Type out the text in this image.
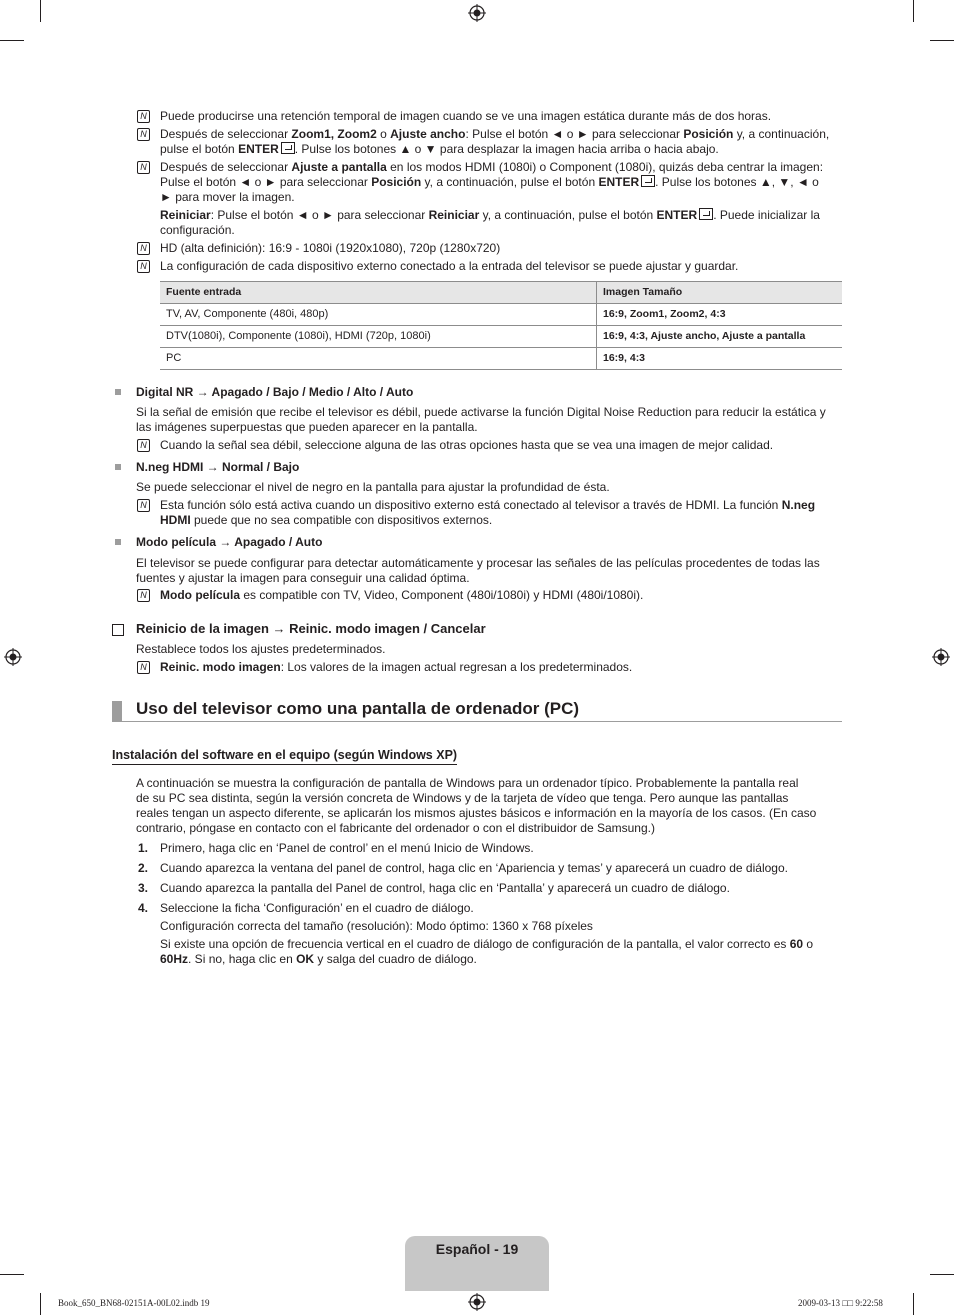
N
Puede producirse una retención temporal de imagen cuando se ve una imagen estática durante más de dos horas.
N
Después de seleccionar Zoom1, Zoom2 o Ajuste ancho: Pulse el botón ◄ o ► para seleccionar Posición y, a continuación,
pulse el botón ENTER . Pulse los botones ▲ o ▼ para desplazar la imagen hacia arriba o hacia abajo.
N
Después de seleccionar Ajuste a pantalla en los modos HDMI (1080i) o Component (1080i), quizás deba centrar la imagen:
Pulse el botón ◄ o ► para seleccionar Posición y, a continuación, pulse el botón ENTER . Pulse los botones ▲, ▼, ◄ o
► para mover la imagen.
Reiniciar: Pulse el botón ◄ o ► para seleccionar Reiniciar y, a continuación, pulse el botón ENTER . Puede inicializar la
configuración.
N
HD (alta definición): 16:9 - 1080i (1920x1080), 720p (1280x720)
N
La configuración de cada dispositivo externo conectado a la entrada del televisor se puede ajustar y guardar.
Fuente entrada	Imagen Tamaño
TV, AV, Componente (480i, 480p)	16:9, Zoom1, Zoom2, 4:3
DTV(1080i), Componente (1080i), HDMI (720p, 1080i)	16:9, 4:3, Ajuste ancho, Ajuste a pantalla
PC	16:9, 4:3
Digital NR → Apagado / Bajo / Medio / Alto / Auto
Si la señal de emisión que recibe el televisor es débil, puede activarse la función Digital Noise Reduction para reducir la estática y
las imágenes superpuestas que pueden aparecer en la pantalla.
N
Cuando la señal sea débil, seleccione alguna de las otras opciones hasta que se vea una imagen de mejor calidad.
N.neg HDMI → Normal / Bajo
Se puede seleccionar el nivel de negro en la pantalla para ajustar la profundidad de ésta.
N
Esta función sólo está activa cuando un dispositivo externo está conectado al televisor a través de HDMI. La función N.neg
HDMI puede que no sea compatible con dispositivos externos.
Modo película → Apagado / Auto
El televisor se puede configurar para detectar automáticamente y procesar las señales de las películas procedentes de todas las
fuentes y ajustar la imagen para conseguir una calidad óptima.
N
Modo película es compatible con TV, Video, Component (480i/1080i) y HDMI (480i/1080i).
Reinicio de la imagen → Reinic. modo imagen / Cancelar
Restablece todos los ajustes predeterminados.
N
Reinic. modo imagen: Los valores de la imagen actual regresan a los predeterminados.
Uso del televisor como una pantalla de ordenador (PC)
Instalación del software en el equipo (según Windows XP)
A continuación se muestra la configuración de pantalla de Windows para un ordenador típico. Probablemente la pantalla real
de su PC sea distinta, según la versión concreta de Windows y de la tarjeta de vídeo que tenga. Pero aunque las pantallas
reales tengan un aspecto diferente, se aplicarán los mismos ajustes básicos e información en la mayoría de los casos. (En caso
contrario, póngase en contacto con el fabricante del ordenador o con el distribuidor de Samsung.)
1. Primero, haga clic en ‘Panel de control’ en el menú Inicio de Windows.
2. Cuando aparezca la ventana del panel de control, haga clic en ‘Apariencia y temas’ y aparecerá un cuadro de diálogo.
3. Cuando aparezca la pantalla del Panel de control, haga clic en ‘Pantalla’ y aparecerá un cuadro de diálogo.
4. Seleccione la ficha ‘Configuración’ en el cuadro de diálogo.
Configuración correcta del tamaño (resolución): Modo óptimo: 1360 x 768 píxeles
Si existe una opción de frecuencia vertical en el cuadro de diálogo de configuración de la pantalla, el valor correcto es 60 o
60Hz. Si no, haga clic en OK y salga del cuadro de diálogo.
Español - 19
Book_650_BN68-02151A-00L02.indb 19	2009-03-13 □□ 9:22:58
